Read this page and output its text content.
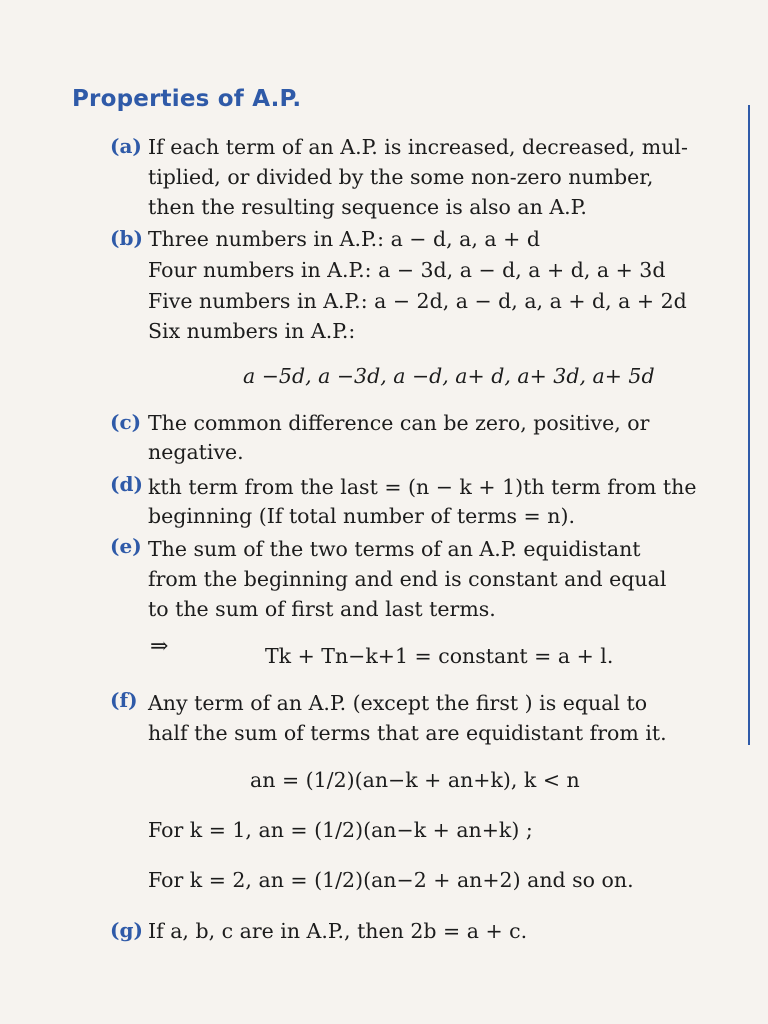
Properties of A.P.
(a) If each term of an A.P. is increased, decreased, mul-
tiplied, or divided by the some non-zero number,
then the resulting sequence is also an A.P.
(b) Three numbers in A.P.: a − d, a, a + d
Four numbers in A.P.: a − 3d, a − d, a + d, a + 3d
Five numbers in A.P.: a − 2d, a − d, a, a + d, a + 2d
Six numbers in A.P.:
a −5d, a −3d, a −d, a+ d, a+ 3d, a+ 5d
(c) The common difference can be zero, positive, or
negative.
(d) kth term from the last = (n − k + 1)th term from the
beginning (If total number of terms = n).
(e) The sum of the two terms of an A.P. equidistant
from the beginning and end is constant and equal
to the sum of first and last terms.
⇒	Tk + Tn−k+1 = constant = a + l.
(f) Any term of an A.P. (except the first ) is equal to
half the sum of terms that are equidistant from it.
an = (1/2)(an−k + an+k), k < n
For k = 1, an = (1/2)(an−k + an+k) ;
For k = 2, an = (1/2)(an−2 + an+2) and so on.
(g) If a, b, c are in A.P., then 2b = a + c.
